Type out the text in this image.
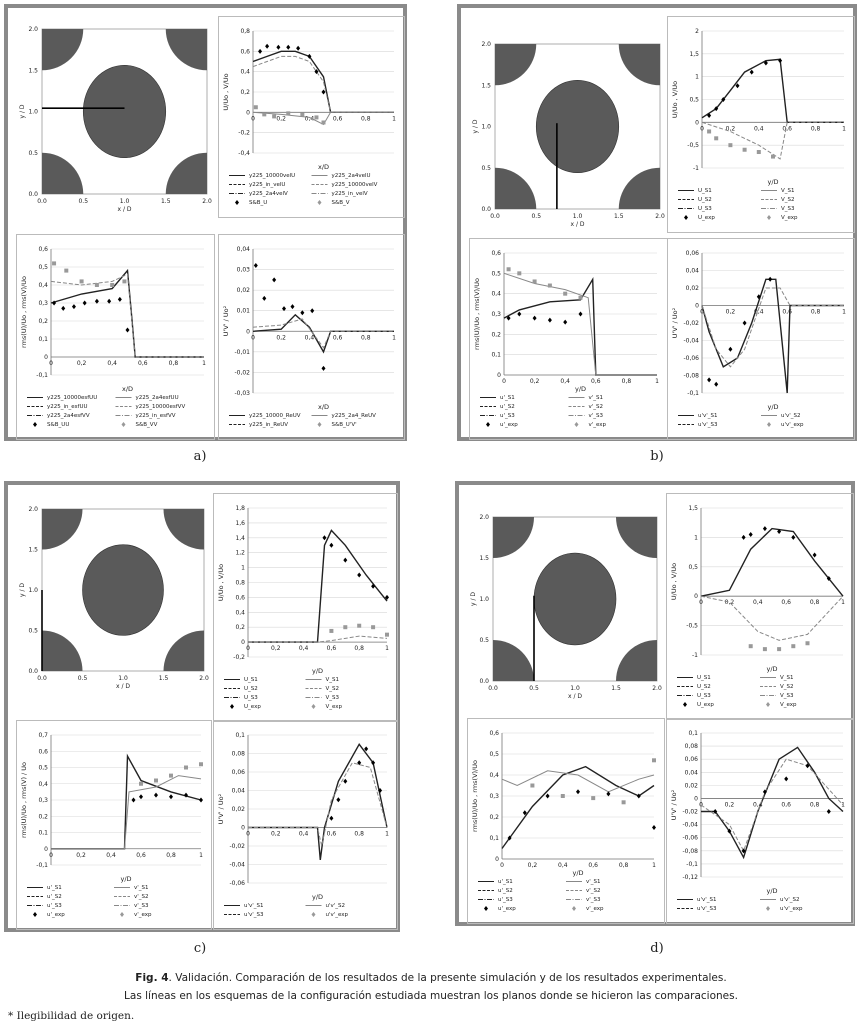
0.0	0.5	1.0	1.5	2.0
0.0
0.5
1.0
1.5
2.0
x / D
y / D
-0,4
-0,2
0
0,2
0,4
0,6
0,8
0	0,2	0,4	0,6	0,8	1
x/D
U/Uo , V/Uo
y225_10000velU	y225_2a4velU
y225_in_velU	y225_10000velV
y225_2a4velV	y225_in_velV
S&B_U	S&B_V
-0,1
0
0,1
0,2
0,3
0,4
0,5
0,6
0	0,2	0,4	0,6	0,8	1
x/D
rms(U)/Uo , rms(V)/Uo
y225_10000esfUU	y225_2a4esfUU
y225_in_esfUU	y225_10000esfVV
y225_2a4esfVV	y225_in_esfVV
S&B_UU	S&B_VV
-0,03
-0,02
-0,01
0
0,01
0,02
0,03
0,04
0	0,2	0,4	0,6	0,8	1
x/D
U'V' / Uo²
y225_10000_ReUV	y225_2a4_ReUV
y225_in_ReUV	S&B_U'V'
0.0	0.5	1.0	1.5	2.0
0.0
0.5
1.0
1.5
2.0
x / D
y / D
-1
-0,5
0
0,5
1
1,5
2
0	0,2	0,4	0,6	0,8	1
y/D
U/Uo , V/Uo
U_S1	V_S1
U_S2	V_S2
U_S3	V_S3
U_exp	V_exp
0
0,1
0,2
0,3
0,4
0,5
0,6
0	0,2	0,4	0,6	0,8	1
y/D
rms(U)/Uo , rms(V)/Uo
u'_S1	v'_S1
u'_S2	v'_S2
u'_S3	v'_S3
u'_exp	v'_exp
-0,1
-0,08
-0,06
-0,04
-0,02
0
0,02
0,04
0,06
0	0,2	0,4	0,6	0,8	1
y/D
U'V' / Uo²
u'v'_S1	u'v'_S2
u'v'_S3	u'v'_exp
0.0	0.5	1.0	1.5	2.0
0.0
0.5
1.0
1.5
2.0
x / D
y / D
-0,2
0
0,2
0,4
0,6
0,8
1
1,2
1,4
1,6
1,8
0	0,2	0,4	0,6	0,8	1
y/D
U/Uo , V/Uo
U_S1	V_S1
U_S2	V_S2
U_S3	V_S3
U_exp	V_exp
-0,1
0
0,1
0,2
0,3
0,4
0,5
0,6
0,7
0	0,2	0,4	0,6	0,8	1
y/D
rms(U)/Uo , rms(V) / Uo
u'_S1	v'_S1
u'_S2	v'_S2
u'_S3	v'_S3
u'_exp	v'_exp
-0,06
-0,04
-0,02
0
0,02
0,04
0,06
0,08
0,1
0	0,2	0,4	0,6	0,8	1
y/D
U'V' / Uo²
u'v'_S1	u'v'_S2
u'v'_S3	u'v'_exp
0.0	0.5	1.0	1.5	2.0
0.0
0.5
1.0
1.5
2.0
x / D
y / D
-1
-0,5
0
0,5
1
1,5
0	0,2	0,4	0,6	0,8	1
y/D
U/Uo , V/Uo
U_S1	V_S1
U_S2	V_S2
U_S3	V_S3
U_exp	V_exp
0
0,1
0,2
0,3
0,4
0,5
0,6
0	0,2	0,4	0,6	0,8	1
y/D
rms(U)/Uo , rms(V)/Uo
u'_S1	v'_S1
u'_S2	v'_S2
u'_S3	v'_S3
u'_exp	v'_exp
-0,12
-0,1
-0,08
-0,06
-0,04
-0,02
0
0,02
0,04
0,06
0,08
0,1
0	0,2	0,4	0,6	0,8	1
y/D
U'V' / Uo²
u'v'_S1	u'v'_S2
u'v'_S3	u'v'_exp
a)	b)
c)	d)
Fig. 4. Validación. Comparación de los resultados de la presente simulación y de los resultados experimentales.
Las líneas en los esquemas de la configuración estudiada muestran los planos donde se hicieron las comparaciones.
* Ilegibilidad de origen.
